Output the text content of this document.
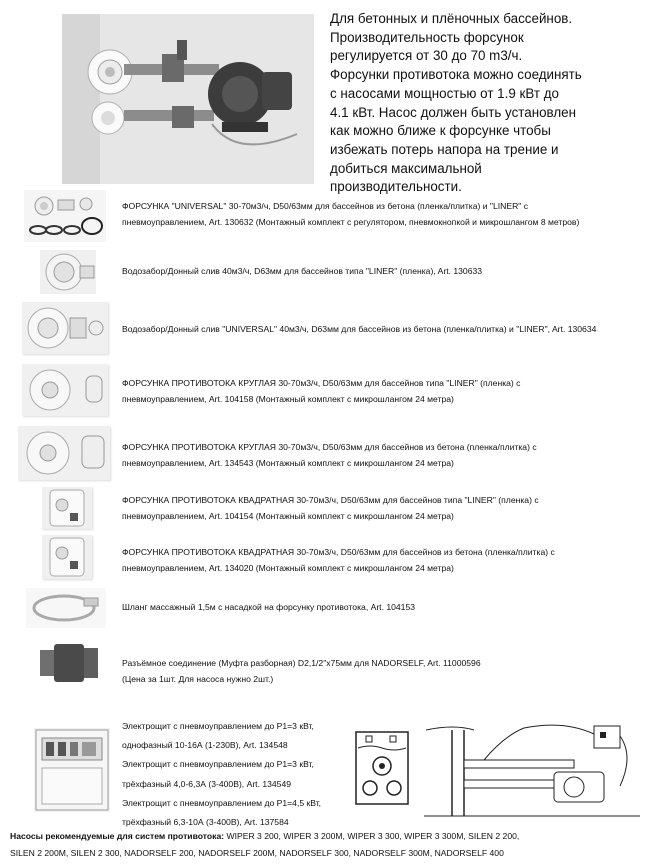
Для бетонных и плёночных бассейнов.
Производительность форсунок
регулируется от 30 до 70 m3/ч.
Форсунки противотока можно соединять
с насосами мощностью от 1.9 кВт до
4.1 кВт. Насос должен быть установлен
как можно ближе к форсунке чтобы
избежать потерь напора на трение и
добиться максимальной
производительности.
ФОРСУНКА "UNIVERSAL" 30-70м3/ч, D50/63мм для бассейнов из бетона (пленка/плитка) и "LINER" с
пневмоуправлением, Art. 130632 (Монтажный комплект с регулятором, пневмокнопкой и микрошлангом 8 метров)
Водозабор/Донный слив 40м3/ч, D63мм для бассейнов типа "LINER" (пленка), Art. 130633
Водозабор/Донный слив "UNIVERSAL" 40м3/ч, D63мм для бассейнов из бетона (пленка/плитка) и "LINER", Art. 130634
ФОРСУНКА ПРОТИВОТОКА КРУГЛАЯ 30-70м3/ч, D50/63мм для бассейнов типа "LINER" (пленка) с
пневмоуправлением, Art. 104158 (Монтажный комплект с микрошлангом 24 метра)
ФОРСУНКА ПРОТИВОТОКА КРУГЛАЯ 30-70м3/ч, D50/63мм для бассейнов из бетона (пленка/плитка) с
пневмоуправлением, Art. 134543 (Монтажный комплект с микрошлангом 24 метра)
ФОРСУНКА ПРОТИВОТОКА КВАДРАТНАЯ 30-70м3/ч, D50/63мм для бассейнов типа "LINER" (пленка) с
пневмоуправлением, Art. 104154 (Монтажный комплект с микрошлангом 24 метра)
ФОРСУНКА ПРОТИВОТОКА КВАДРАТНАЯ 30-70м3/ч, D50/63мм для бассейнов из бетона (пленка/плитка) с
пневмоуправлением, Art. 134020 (Монтажный комплект с микрошлангом 24 метра)
Шланг массажный 1,5м с насадкой на форсунку противотока, Art. 104153
Разъёмное соединение (Муфта разборная) D2,1/2"х75мм для NADORSELF, Art. 11000596
(Цена за 1шт. Для насоса нужно 2шт.)
Электрощит с пневмоуправлением до P1=3 кВт,
однофазный 10-16А (1-230В), Art. 134548
Электрощит с пневмоуправлением до P1=3 кВт,
трёхфазный 4,0-6,3А (3-400В), Art. 134549
Электрощит с пневмоуправлением до P1=4,5 кВт,
трёхфазный 6,3-10А (3-400В), Art. 137584
Насосы рекомендуемые для систем противотока: WIPER 3 200, WIPER 3 200M, WIPER 3 300, WIPER 3 300M, SILEN 2 200,
SILEN 2 200M, SILEN 2 300, NADORSELF 200, NADORSELF 200M, NADORSELF 300, NADORSELF 300M, NADORSELF 400
